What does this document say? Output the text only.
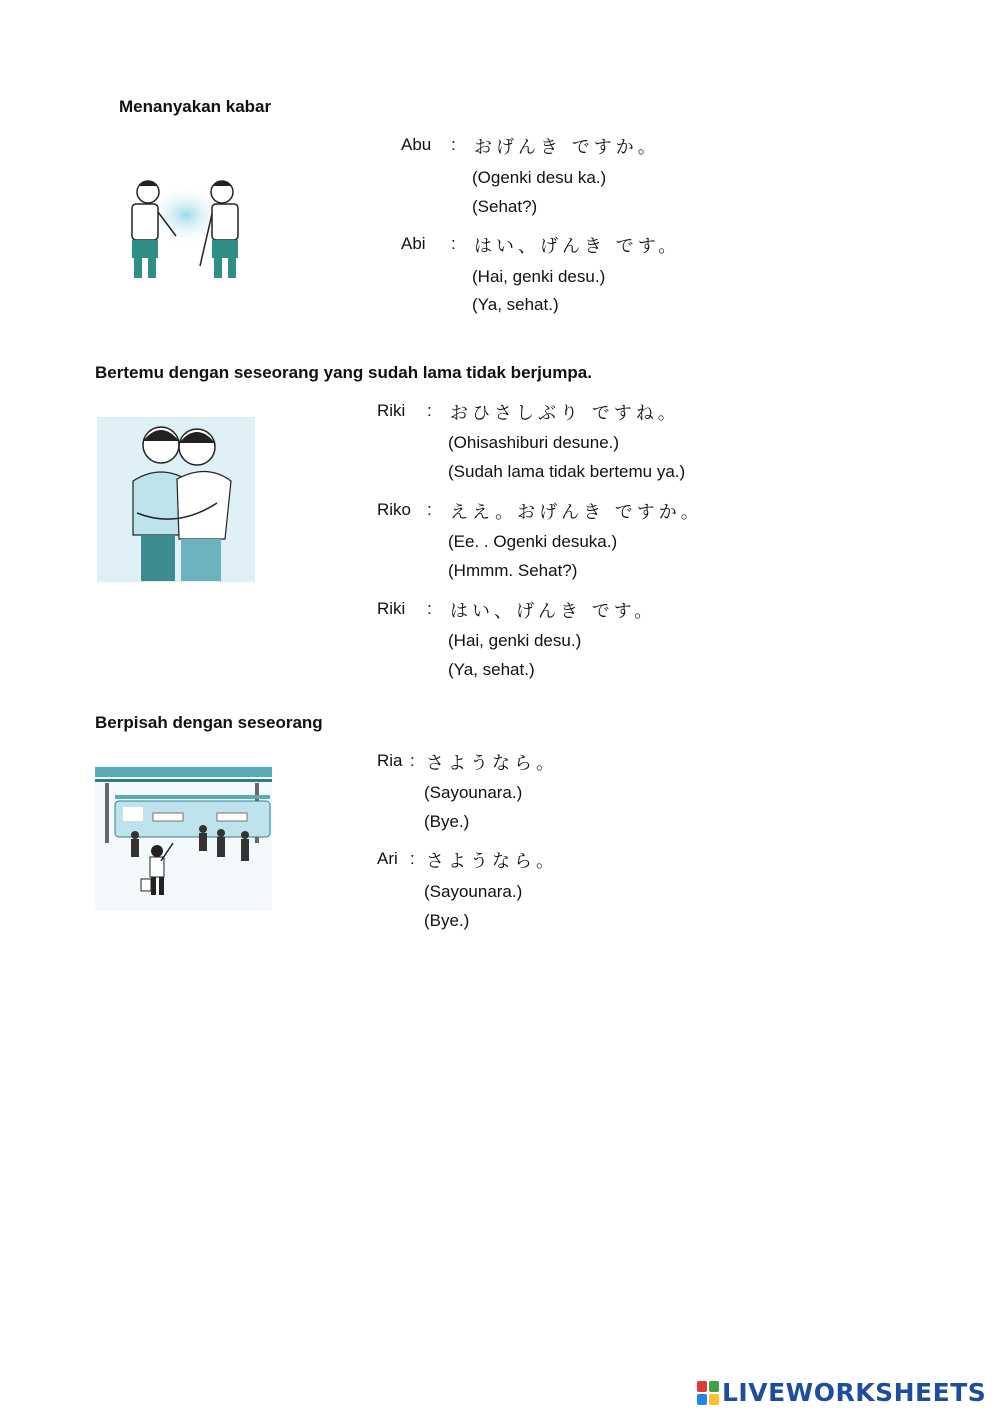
Menanyakan kabar
Abu : おげんき ですか。
(Ogenki desu ka.)
(Sehat?)
Abi : はい、げんき です。
(Hai, genki desu.)
(Ya, sehat.)
Bertemu dengan seseorang yang sudah lama tidak berjumpa.
Riki : おひさしぶり ですね。
(Ohisashiburi desune.)
(Sudah lama tidak bertemu ya.)
Riko : ええ。おげんき ですか。
(Ee. . Ogenki desuka.)
(Hmmm. Sehat?)
Riki : はい、げんき です。
(Hai, genki desu.)
(Ya, sehat.)
Berpisah dengan seseorang
Ria : さようなら。
(Sayounara.)
(Bye.)
Ari : さようなら。
(Sayounara.)
(Bye.)
LIVEWORKSHEETS
